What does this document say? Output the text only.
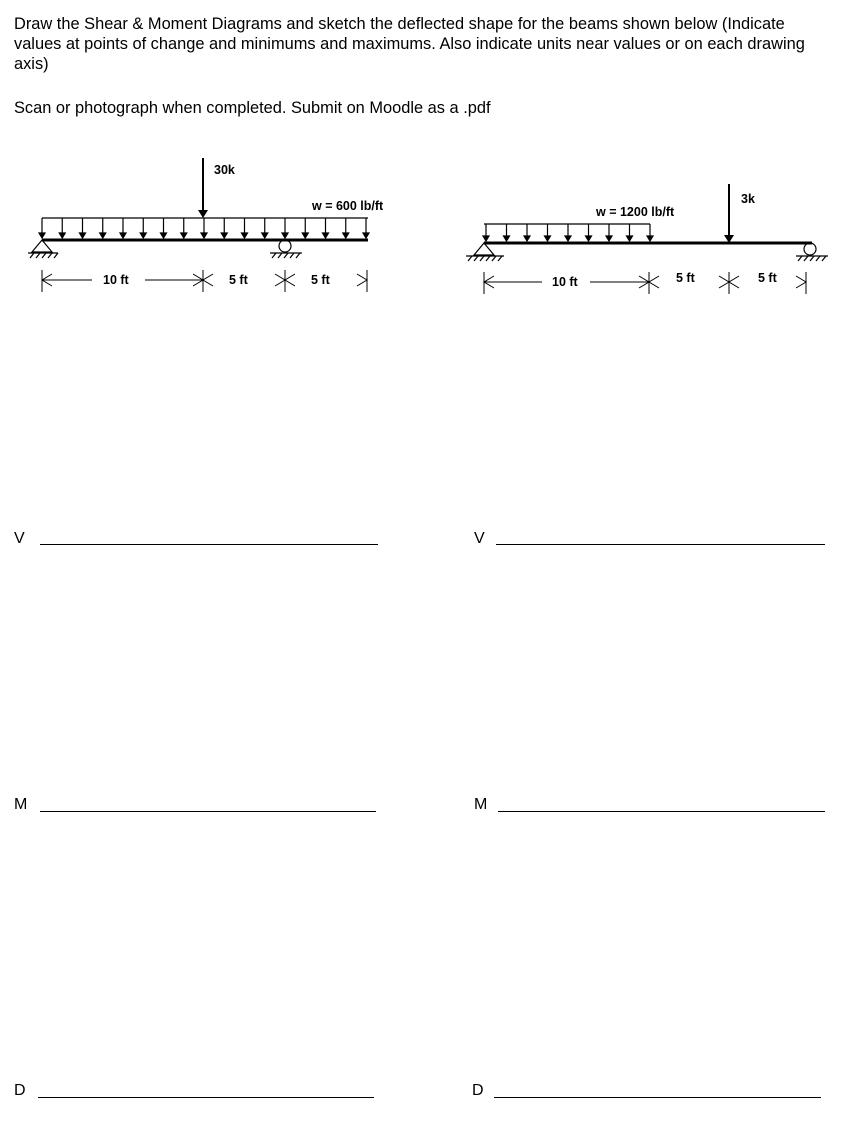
Draw the Shear & Moment Diagrams and sketch the deflected shape for the beams shown below (Indicate values at points of change and minimums and maximums. Also indicate units near values or on each drawing axis)

Scan or photograph when completed. Submit on Moodle as a .pdf

30k
w = 600 lb/ft
10 ft	5 ft	5 ft
3k
w = 1200 lb/ft
10 ft	5 ft	5 ft
V	V
M	M
D	D
